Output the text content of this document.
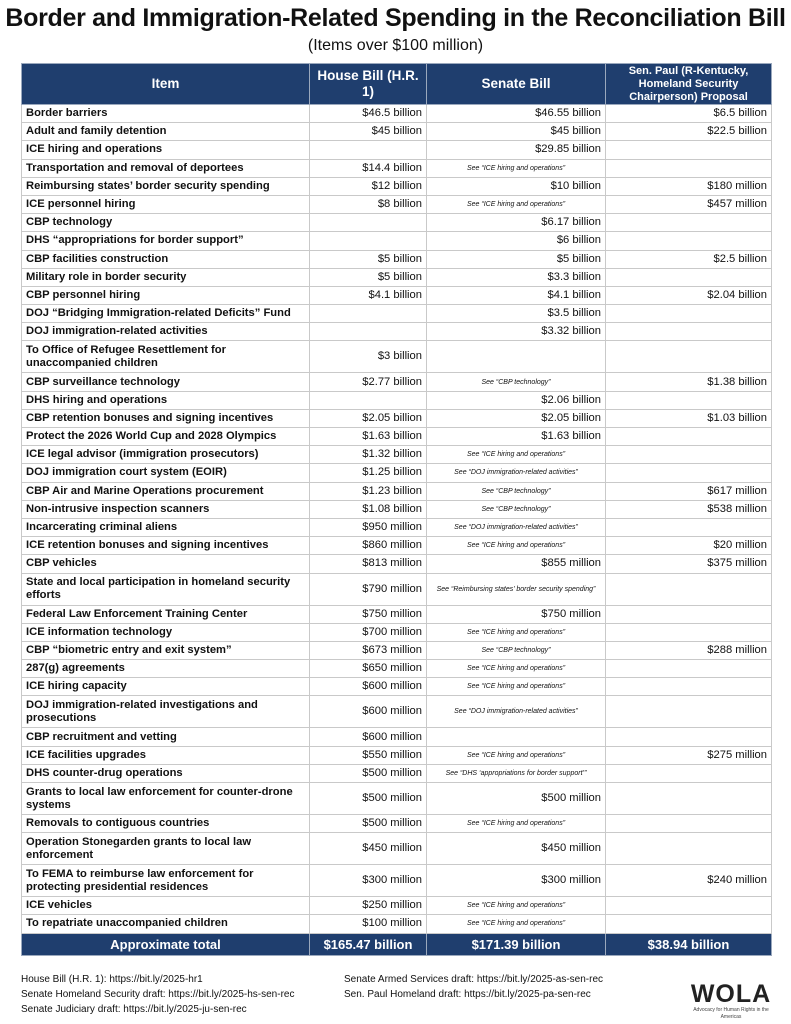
Border and Immigration-Related Spending in the Reconciliation Bill
(Items over $100 million)
Item	House Bill (H.R. 1)	Senate Bill	Sen. Paul (R-Kentucky, Homeland Security Chairperson) Proposal
Border barriers	$46.5 billion	$46.55 billion	$6.5 billion
Adult and family detention	$45 billion	$45 billion	$22.5 billion
ICE hiring and operations		$29.85 billion	
Transportation and removal of deportees	$14.4 billion	See “ICE hiring and operations”	
Reimbursing states’ border security spending	$12 billion	$10 billion	$180 million
ICE personnel hiring	$8 billion	See “ICE hiring and operations”	$457 million
CBP technology		$6.17 billion	
DHS “appropriations for border support”		$6 billion	
CBP facilities construction	$5 billion	$5 billion	$2.5 billion
Military role in border security	$5 billion	$3.3 billion	
CBP personnel hiring	$4.1 billion	$4.1 billion	$2.04 billion
DOJ “Bridging Immigration-related Deficits” Fund		$3.5 billion	
DOJ immigration-related activities		$3.32 billion	
To Office of Refugee Resettlement for unaccompanied children	$3 billion		
CBP surveillance technology	$2.77 billion	See “CBP technology”	$1.38 billion
DHS hiring and operations		$2.06 billion	
CBP retention bonuses and signing incentives	$2.05 billion	$2.05 billion	$1.03 billion
Protect the 2026 World Cup and 2028 Olympics	$1.63 billion	$1.63 billion	
ICE legal advisor (immigration prosecutors)	$1.32 billion	See “ICE hiring and operations”	
DOJ immigration court system (EOIR)	$1.25 billion	See “DOJ immigration-related activities”	
CBP Air and Marine Operations procurement	$1.23 billion	See “CBP technology”	$617 million
Non-intrusive inspection scanners	$1.08 billion	See “CBP technology”	$538 million
Incarcerating criminal aliens	$950 million	See “DOJ immigration-related activities”	
ICE retention bonuses and signing incentives	$860 million	See “ICE hiring and operations”	$20 million
CBP vehicles	$813 million	$855 million	$375 million
State and local participation in homeland security efforts	$790 million	See “Reimbursing states’ border security spending”	
Federal Law Enforcement Training Center	$750 million	$750 million	
ICE information technology	$700 million	See “ICE hiring and operations”	
CBP “biometric entry and exit system”	$673 million	See “CBP technology”	$288 million
287(g) agreements	$650 million	See “ICE hiring and operations”	
ICE hiring capacity	$600 million	See “ICE hiring and operations”	
DOJ immigration-related investigations and prosecutions	$600 million	See “DOJ immigration-related activities”	
CBP recruitment and vetting	$600 million		
ICE facilities upgrades	$550 million	See “ICE hiring and operations”	$275 million
DHS counter-drug operations	$500 million	See “DHS ‘appropriations for border support’”	
Grants to local law enforcement for counter-drone systems	$500 million	$500 million	
Removals to contiguous countries	$500 million	See “ICE hiring and operations”	
Operation Stonegarden grants to local law enforcement	$450 million	$450 million	
To FEMA to reimburse law enforcement for protecting presidential residences	$300 million	$300 million	$240 million
ICE vehicles	$250 million	See “ICE hiring and operations”	
To repatriate unaccompanied children	$100 million	See “ICE hiring and operations”	
Approximate total	$165.47 billion	$171.39 billion	$38.94 billion
House Bill (H.R. 1): https://bit.ly/2025-hr1
Senate Homeland Security draft: https://bit.ly/2025-hs-sen-rec
Senate Judiciary draft: https://bit.ly/2025-ju-sen-rec
Senate Armed Services draft: https://bit.ly/2025-as-sen-rec
Sen. Paul Homeland draft: https://bit.ly/2025-pa-sen-rec	WOLA
Advocacy for Human Rights in the Americas
